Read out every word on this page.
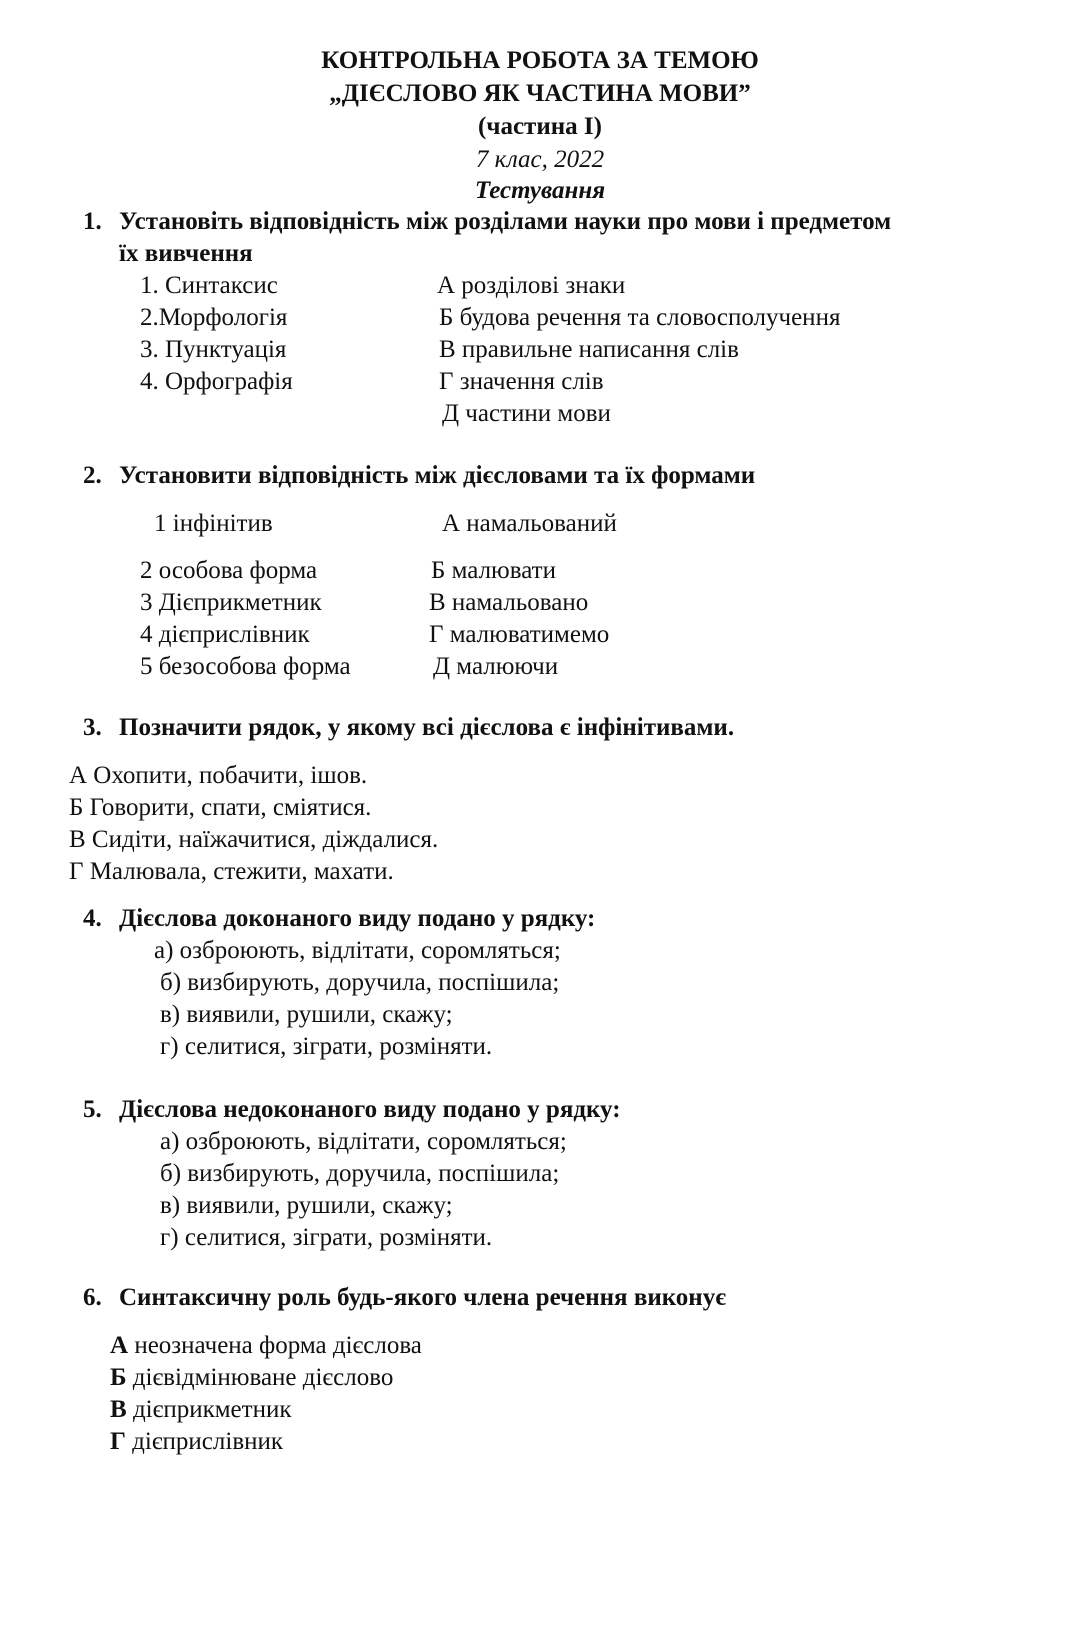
КОНТРОЛЬНА РОБОТА ЗА ТЕМОЮ
„ДІЄСЛОВО ЯК ЧАСТИНА МОВИ”
(частина І)
7 клас, 2022
Тестування
1. Установіть відповідність між розділами науки про мови і предметом
їх вивчення
1. Синтаксис
2.Морфологія
3. Пунктуація
4. Орфографія
А розділові знаки
Б будова речення та словосполучення
В правильне написання слів
Г значення слів
Д частини мови
2. Установити відповідність між дієсловами та їх формами
1 інфінітив
2 особова форма
3 Дієприкметник
4 дієприслівник
5 безособова форма
А намальований
Б малювати
В намальовано
Г малюватимемо
Д малюючи
3. Позначити рядок, у якому всі дієслова є інфінітивами.
А Охопити, побачити, ішов.
Б Говорити, спати, сміятися.
В Сидіти, наїжачитися, діждалися.
Г Малювала, стежити, махати.
4. Дієслова доконаного виду подано у рядку:
а) озброюють, відлітати, соромляться;
б) визбирують, доручила, поспішила;
в) виявили, рушили, скажу;
г) селитися, зіграти, розміняти.
5. Дієслова недоконаного виду подано у рядку:
а) озброюють, відлітати, соромляться;
б) визбирують, доручила, поспішила;
в) виявили, рушили, скажу;
г) селитися, зіграти, розміняти.
6. Синтаксичну роль будь-якого члена речення виконує
А неозначена форма дієслова
Б дієвідмінюване дієслово
В дієприкметник
Г дієприслівник
